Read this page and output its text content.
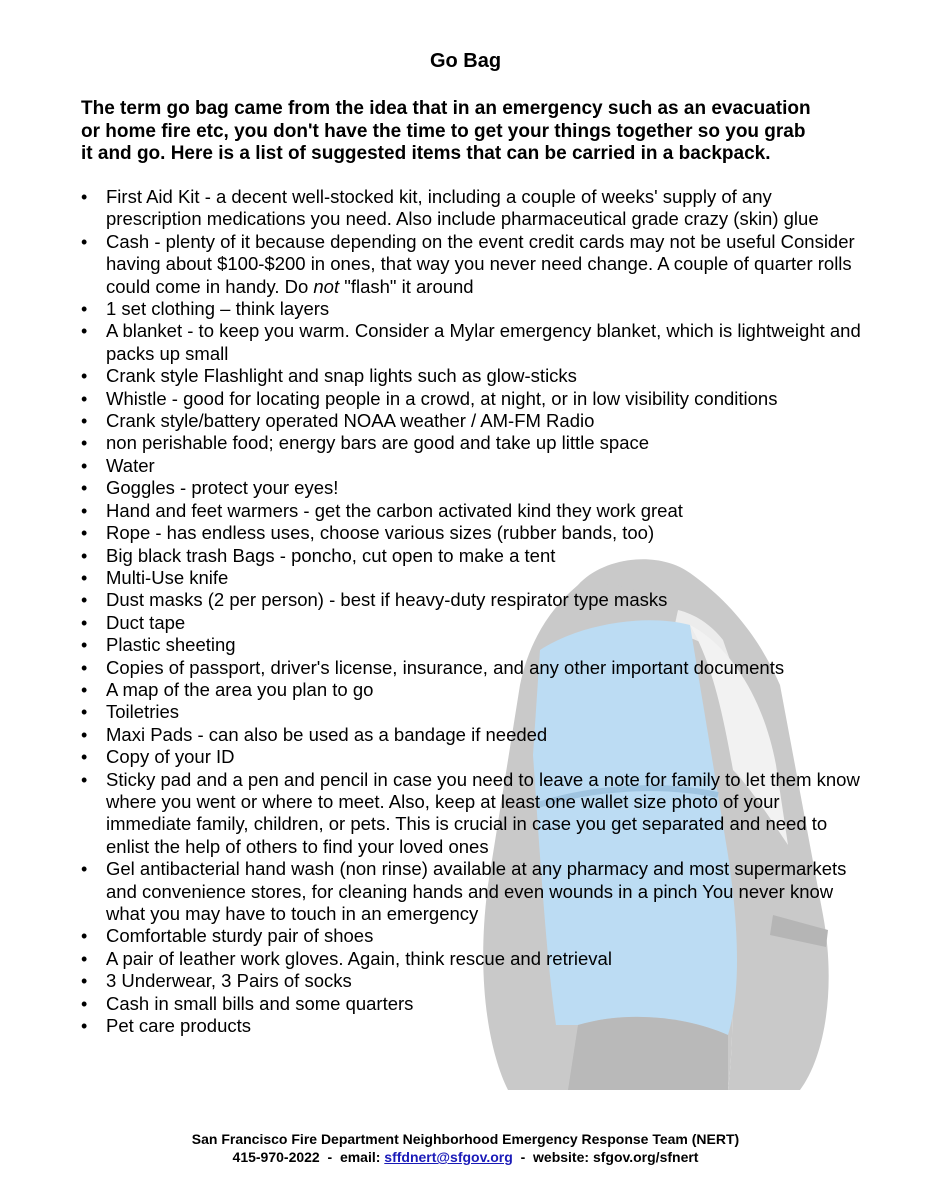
Go Bag
The term go bag came from the idea that in an emergency such as an evacuation or home fire etc, you don't have the time to get your things together so you grab it and go. Here is a list of suggested items that can be carried in a backpack.
• First Aid Kit - a decent well-stocked kit, including a couple of weeks' supply of any prescription medications you need. Also include pharmaceutical grade crazy (skin) glue
• Cash - plenty of it because depending on the event credit cards may not be useful Consider having about $100-$200 in ones, that way you never need change. A couple of quarter rolls could come in handy. Do not "flash" it around
• 1 set clothing – think layers
• A blanket - to keep you warm. Consider a Mylar emergency blanket, which is lightweight and packs up small
• Crank style Flashlight and snap lights such as glow-sticks
• Whistle - good for locating people in a crowd, at night, or in low visibility conditions
• Crank style/battery operated NOAA weather / AM-FM Radio
• non perishable food; energy bars are good and take up little space
• Water
• Goggles - protect your eyes!
• Hand and feet warmers - get the carbon activated kind they work great
• Rope - has endless uses, choose various sizes (rubber bands, too)
• Big black trash Bags - poncho, cut open to make a tent
• Multi-Use knife
• Dust masks (2 per person) - best if heavy-duty respirator type masks
• Duct tape
• Plastic sheeting
• Copies of passport, driver's license, insurance, and any other important documents
• A map of the area you plan to go
• Toiletries
• Maxi Pads - can also be used as a bandage if needed
• Copy of your ID
• Sticky pad and a pen and pencil in case you need to leave a note for family to let them know where you went or where to meet. Also, keep at least one wallet size photo of your immediate family, children, or pets. This is crucial in case you get separated and need to enlist the help of others to find your loved ones
• Gel antibacterial hand wash (non rinse) available at any pharmacy and most supermarkets and convenience stores, for cleaning hands and even wounds in a pinch You never know what you may have to touch in an emergency
• Comfortable sturdy pair of shoes
• A pair of leather work gloves. Again, think rescue and retrieval
• 3 Underwear, 3 Pairs of socks
• Cash in small bills and some quarters
• Pet care products
San Francisco Fire Department Neighborhood Emergency Response Team (NERT)
415-970-2022  -  email: sffdnert@sfgov.org  -  website: sfgov.org/sfnert
